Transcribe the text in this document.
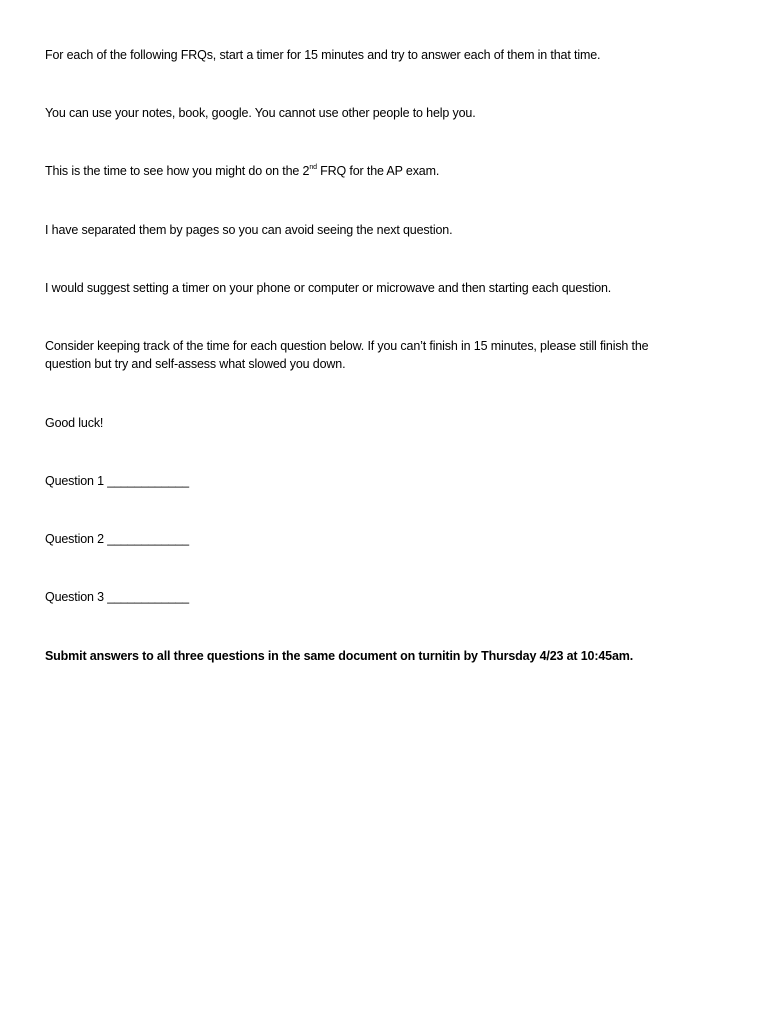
For each of the following FRQs, start a timer for 15 minutes and try to answer each of them in that time.
You can use your notes, book, google. You cannot use other people to help you.
This is the time to see how you might do on the 2nd FRQ for the AP exam.
I have separated them by pages so you can avoid seeing the next question.
I would suggest setting a timer on your phone or computer or microwave and then starting each question.
Consider keeping track of the time for each question below. If you can’t finish in 15 minutes, please still finish the question but try and self-assess what slowed you down.
Good luck!
Question 1 ____________
Question 2 ____________
Question 3 ____________
Submit answers to all three questions in the same document on turnitin by Thursday 4/23 at 10:45am.
